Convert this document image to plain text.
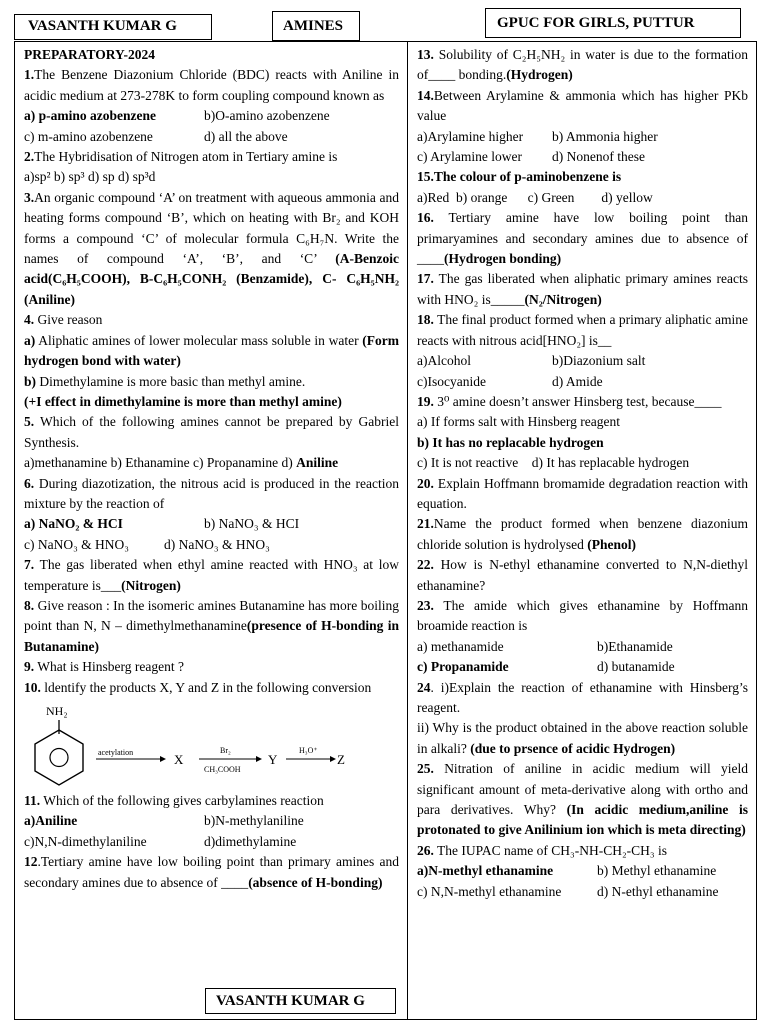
VASANTH KUMAR G	AMINES	GPUC FOR GIRLS, PUTTUR

PREPARATORY-2024

1.The Benzene Diazonium Chloride (BDC) reacts with Aniline in acidic medium at 273-278K to form coupling compound known as

a) p-amino azobenzene	b)O-amino azobenzene
c) m-amino azobenzene	d) all the above

2.The Hybridisation of Nitrogen atom in Tertiary amine is

a)sp² b) sp³ d) sp d) sp³d

3.An organic compound ‘A’ on treatment with aqueous ammonia and heating forms compound ‘B’, which on heating with Br₂ and KOH forms a compound ‘C’ of molecular formula C₆H₇N. Write the names of compound ‘A’, ‘B’, and ‘C’ (A-Benzoic acid(C₆H₅COOH), B-C₆H₅CONH₂ (Benzamide), C- C₆H₅NH₂ (Aniline)

4. Give reason

a) Aliphatic amines of lower molecular mass soluble in water (Form hydrogen bond with water)

b) Dimethylamine is more basic than methyl amine.

(+I effect in dimethylamine is more than methyl amine)

5. Which of the following amines cannot be prepared by Gabriel Synthesis.

a)methanamine b) Ethanamine c) Propanamine d) Aniline

6. During diazotization, the nitrous acid is produced in the reaction mixture by the reaction of

a) NaNO₂ & HCI	b) NaNO₃ & HCI
c) NaNO₃ & HNO₃	d) NaNO₃ & HNO₃

7. The gas liberated when ethyl amine reacted with HNO₃ at low temperature is___(Nitrogen)

8. Give reason : In the isomeric amines Butanamine has more boiling point than N, N – dimethylmethanamine(presence of H-bonding in Butanamine)

9. What is Hinsberg reagent ?

10. ldentify the products X, Y and Z in the following conversion

NH₂
acetylation	X
Br₂
CH₃COOH
Y
H₃O⁺
Z

11. Which of the following gives carbylamines reaction

a)Aniline	b)N-methylaniline
c)N,N-dimethylaniline	d)dimethylamine

12.Tertiary amine have low boiling point than primary amines and secondary amines due to absence of ____(absence of H-bonding)

13. Solubility of C₂H₅NH₂ in water is due to the formation of____ bonding.(Hydrogen)

14.Between Arylamine & ammonia which has higher PKb value

a)Arylamine higher	b) Ammonia higher
c) Arylamine lower	d) Nonenof these

15.The colour of p-aminobenzene is

a)Red  b) orange      c) Green        d) yellow

16. Tertiary amine have low boiling point than primaryamines and secondary amines due to absence of ____(Hydrogen bonding)

17. The gas liberated when aliphatic primary amines reacts with HNO₂ is_____(N₂/Nitrogen)

18. The final product formed when a primary aliphatic amine reacts with nitrous acid[HNO₂] is__

a)Alcohol	b)Diazonium salt
c)Isocyanide	d) Amide

19. 3⁰ amine doesn’t answer Hinsberg test, because____

a) If forms salt with Hinsberg reagent

b) It has no replacable hydrogen

c) It is not reactive    d) It has replacable hydrogen

20. Explain Hoffmann bromamide degradation reaction with equation.

21.Name the product formed when benzene diazonium chloride solution is hydrolysed (Phenol)

22. How is N-ethyl ethanamine converted to N,N-diethyl ethanamine?

23. The amide which gives ethanamine by Hoffmann broamide reaction is

a) methanamide	b)Ethanamide
c) Propanamide	d) butanamide

24. i)Explain the reaction of ethanamine with Hinsberg’s reagent.

ii) Why is the product obtained in the above reaction soluble in alkali? (due to prsence of acidic Hydrogen)

25. Nitration of aniline in acidic medium will yield significant amount of meta-derivative along with ortho and para derivatives. Why? (In acidic medium,aniline is protonated to give Anilinium ion which is meta directing)

26. The IUPAC name of CH₃-NH-CH₂-CH₃ is

a)N-methyl ethanamine	b) Methyl ethanamine
c) N,N-methyl ethanamine	d) N-ethyl ethanamine
VASANTH KUMAR G
